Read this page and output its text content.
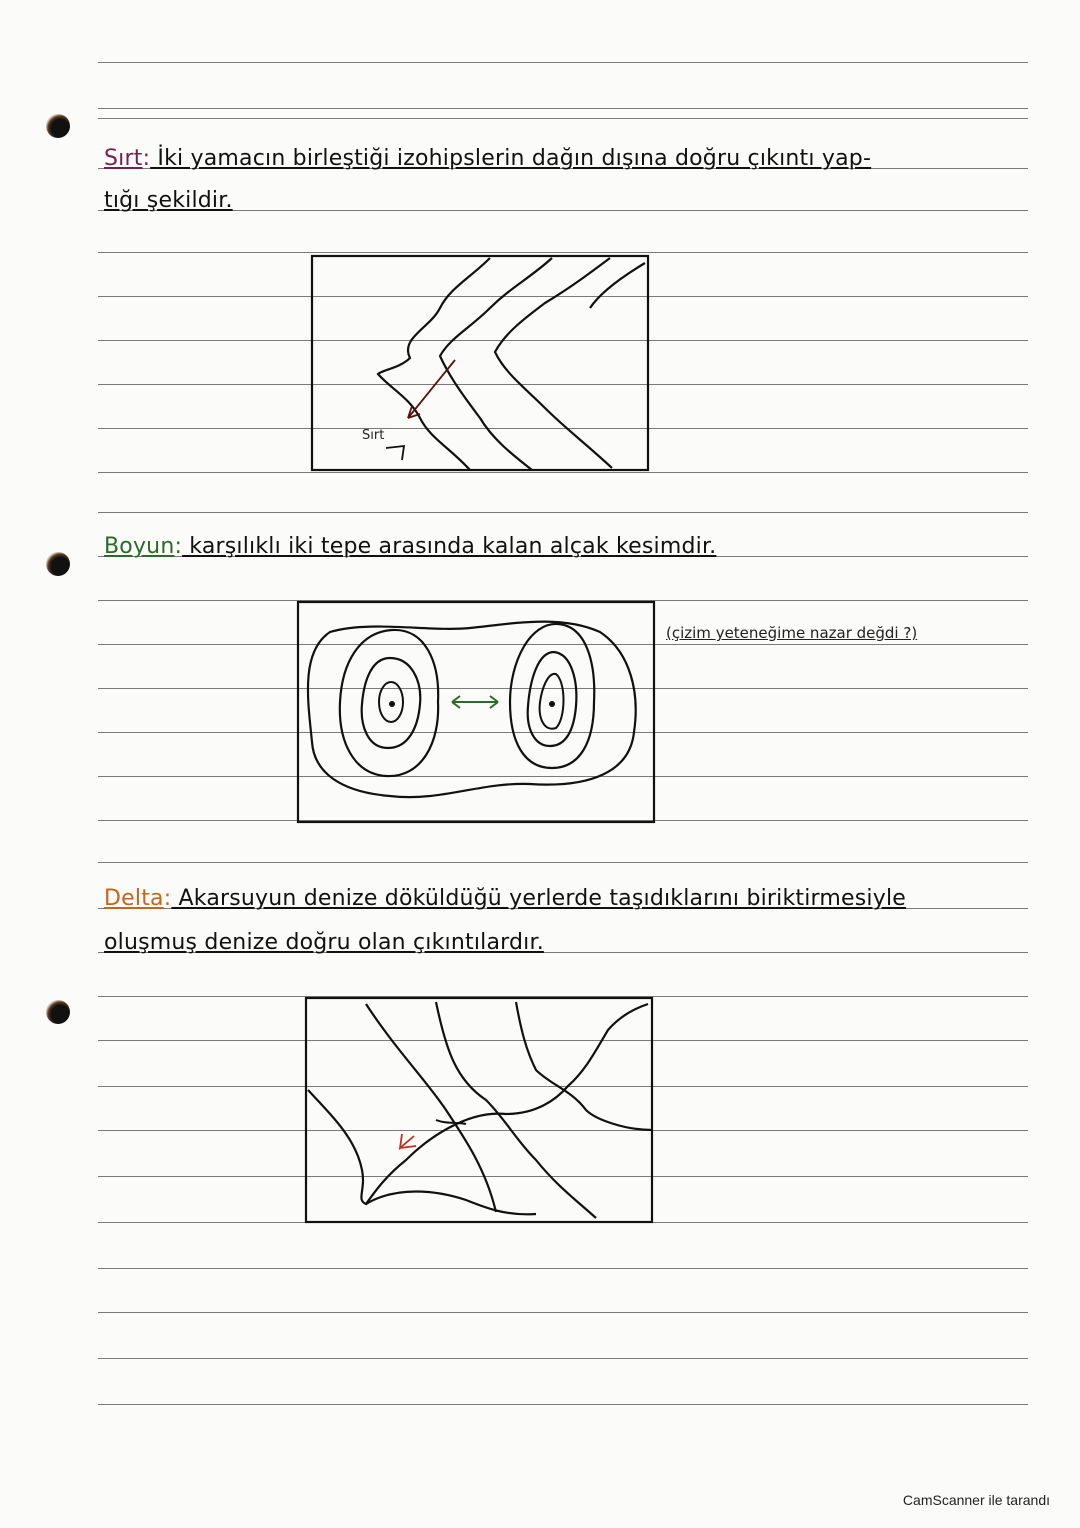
Sırt: İki yamacın birleştiği izohipslerin dağın dışına doğru çıkıntı yap-
tığı şekildir.
Sırt
Boyun: karşılıklı iki tepe arasında kalan alçak kesimdir.
(çizim yeteneğime nazar değdi ?)
Delta: Akarsuyun denize döküldüğü yerlerde taşıdıklarını biriktirmesiyle
oluşmuş denize doğru olan çıkıntılardır.
CamScanner ile tarandı
